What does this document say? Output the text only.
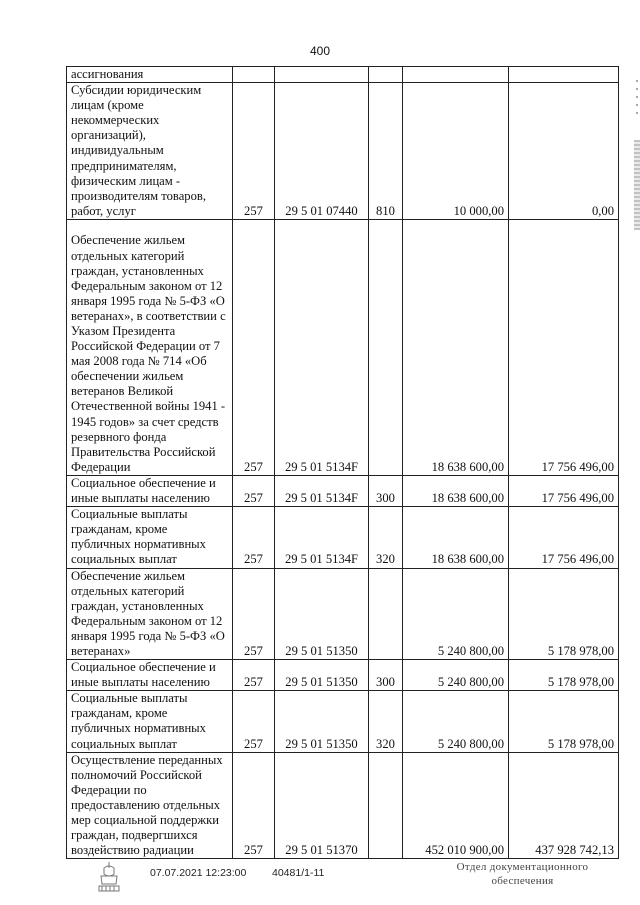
400
ассигнования					
Субсидии юридическим лицам (кроме некоммерческих организаций), индивидуальным предпринимателям, физическим лицам - производителям товаров, работ, услуг	257	29 5 01 07440	810	10 000,00	0,00
Обеспечение жильем отдельных категорий граждан, установленных Федеральным законом от 12 января 1995 года № 5-ФЗ «О ветеранах», в соответствии с Указом Президента Российской Федерации от 7 мая 2008 года № 714 «Об обеспечении жильем ветеранов Великой Отечественной войны 1941 - 1945 годов» за счет средств резервного фонда Правительства Российской Федерации	257	29 5 01 5134F		18 638 600,00	17 756 496,00
Социальное обеспечение и иные выплаты населению	257	29 5 01 5134F	300	18 638 600,00	17 756 496,00
Социальные выплаты гражданам, кроме публичных нормативных социальных выплат	257	29 5 01 5134F	320	18 638 600,00	17 756 496,00
Обеспечение жильем отдельных категорий граждан, установленных Федеральным законом от 12 января 1995 года № 5-ФЗ «О ветеранах»	257	29 5 01 51350		5 240 800,00	5 178 978,00
Социальное обеспечение и иные выплаты населению	257	29 5 01 51350	300	5 240 800,00	5 178 978,00
Социальные выплаты гражданам, кроме публичных нормативных социальных выплат	257	29 5 01 51350	320	5 240 800,00	5 178 978,00
Осуществление переданных полномочий Российской Федерации по предоставлению отдельных мер социальной поддержки граждан, подвергшихся воздействию радиации	257	29 5 01 51370		452 010 900,00	437 928 742,13
07.07.2021 12:23:00 40481/1-11	Отдел документационного обеспечения
